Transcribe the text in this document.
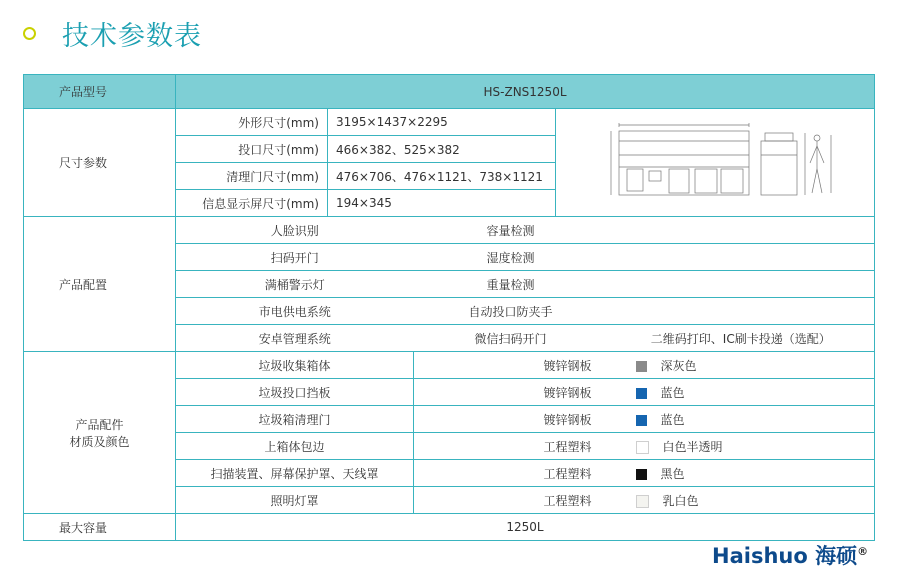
技术参数表
产品型号	HS-ZNS1250L				
尺寸参数	外形尺寸(mm)	3195×1437×2295	
	投口尺寸(mm)	466×382、525×382			
	清理门尺寸(mm)	476×706、476×1121、738×1121			
	信息显示屏尺寸(mm)	194×345			
产品配置	人脸识别		容量检测		
	扫码开门		湿度检测		
	满桶警示灯		重量检测		
	市电供电系统		自动投口防夹手		
	安卓管理系统		微信扫码开门		二维码打印、IC刷卡投递（选配）

产品配件
材质及颜色	垃圾收集箱体		镀锌钢板		深灰色
	垃圾投口挡板		镀锌钢板		蓝色
	垃圾箱清理门		镀锌钢板		蓝色
	上箱体包边		工程塑料		白色半透明
	扫描装置、屏幕保护罩、天线罩		工程塑料		黑色
	照明灯罩		工程塑料		乳白色
最大容量	1250L				
Haishuo 海硕®
